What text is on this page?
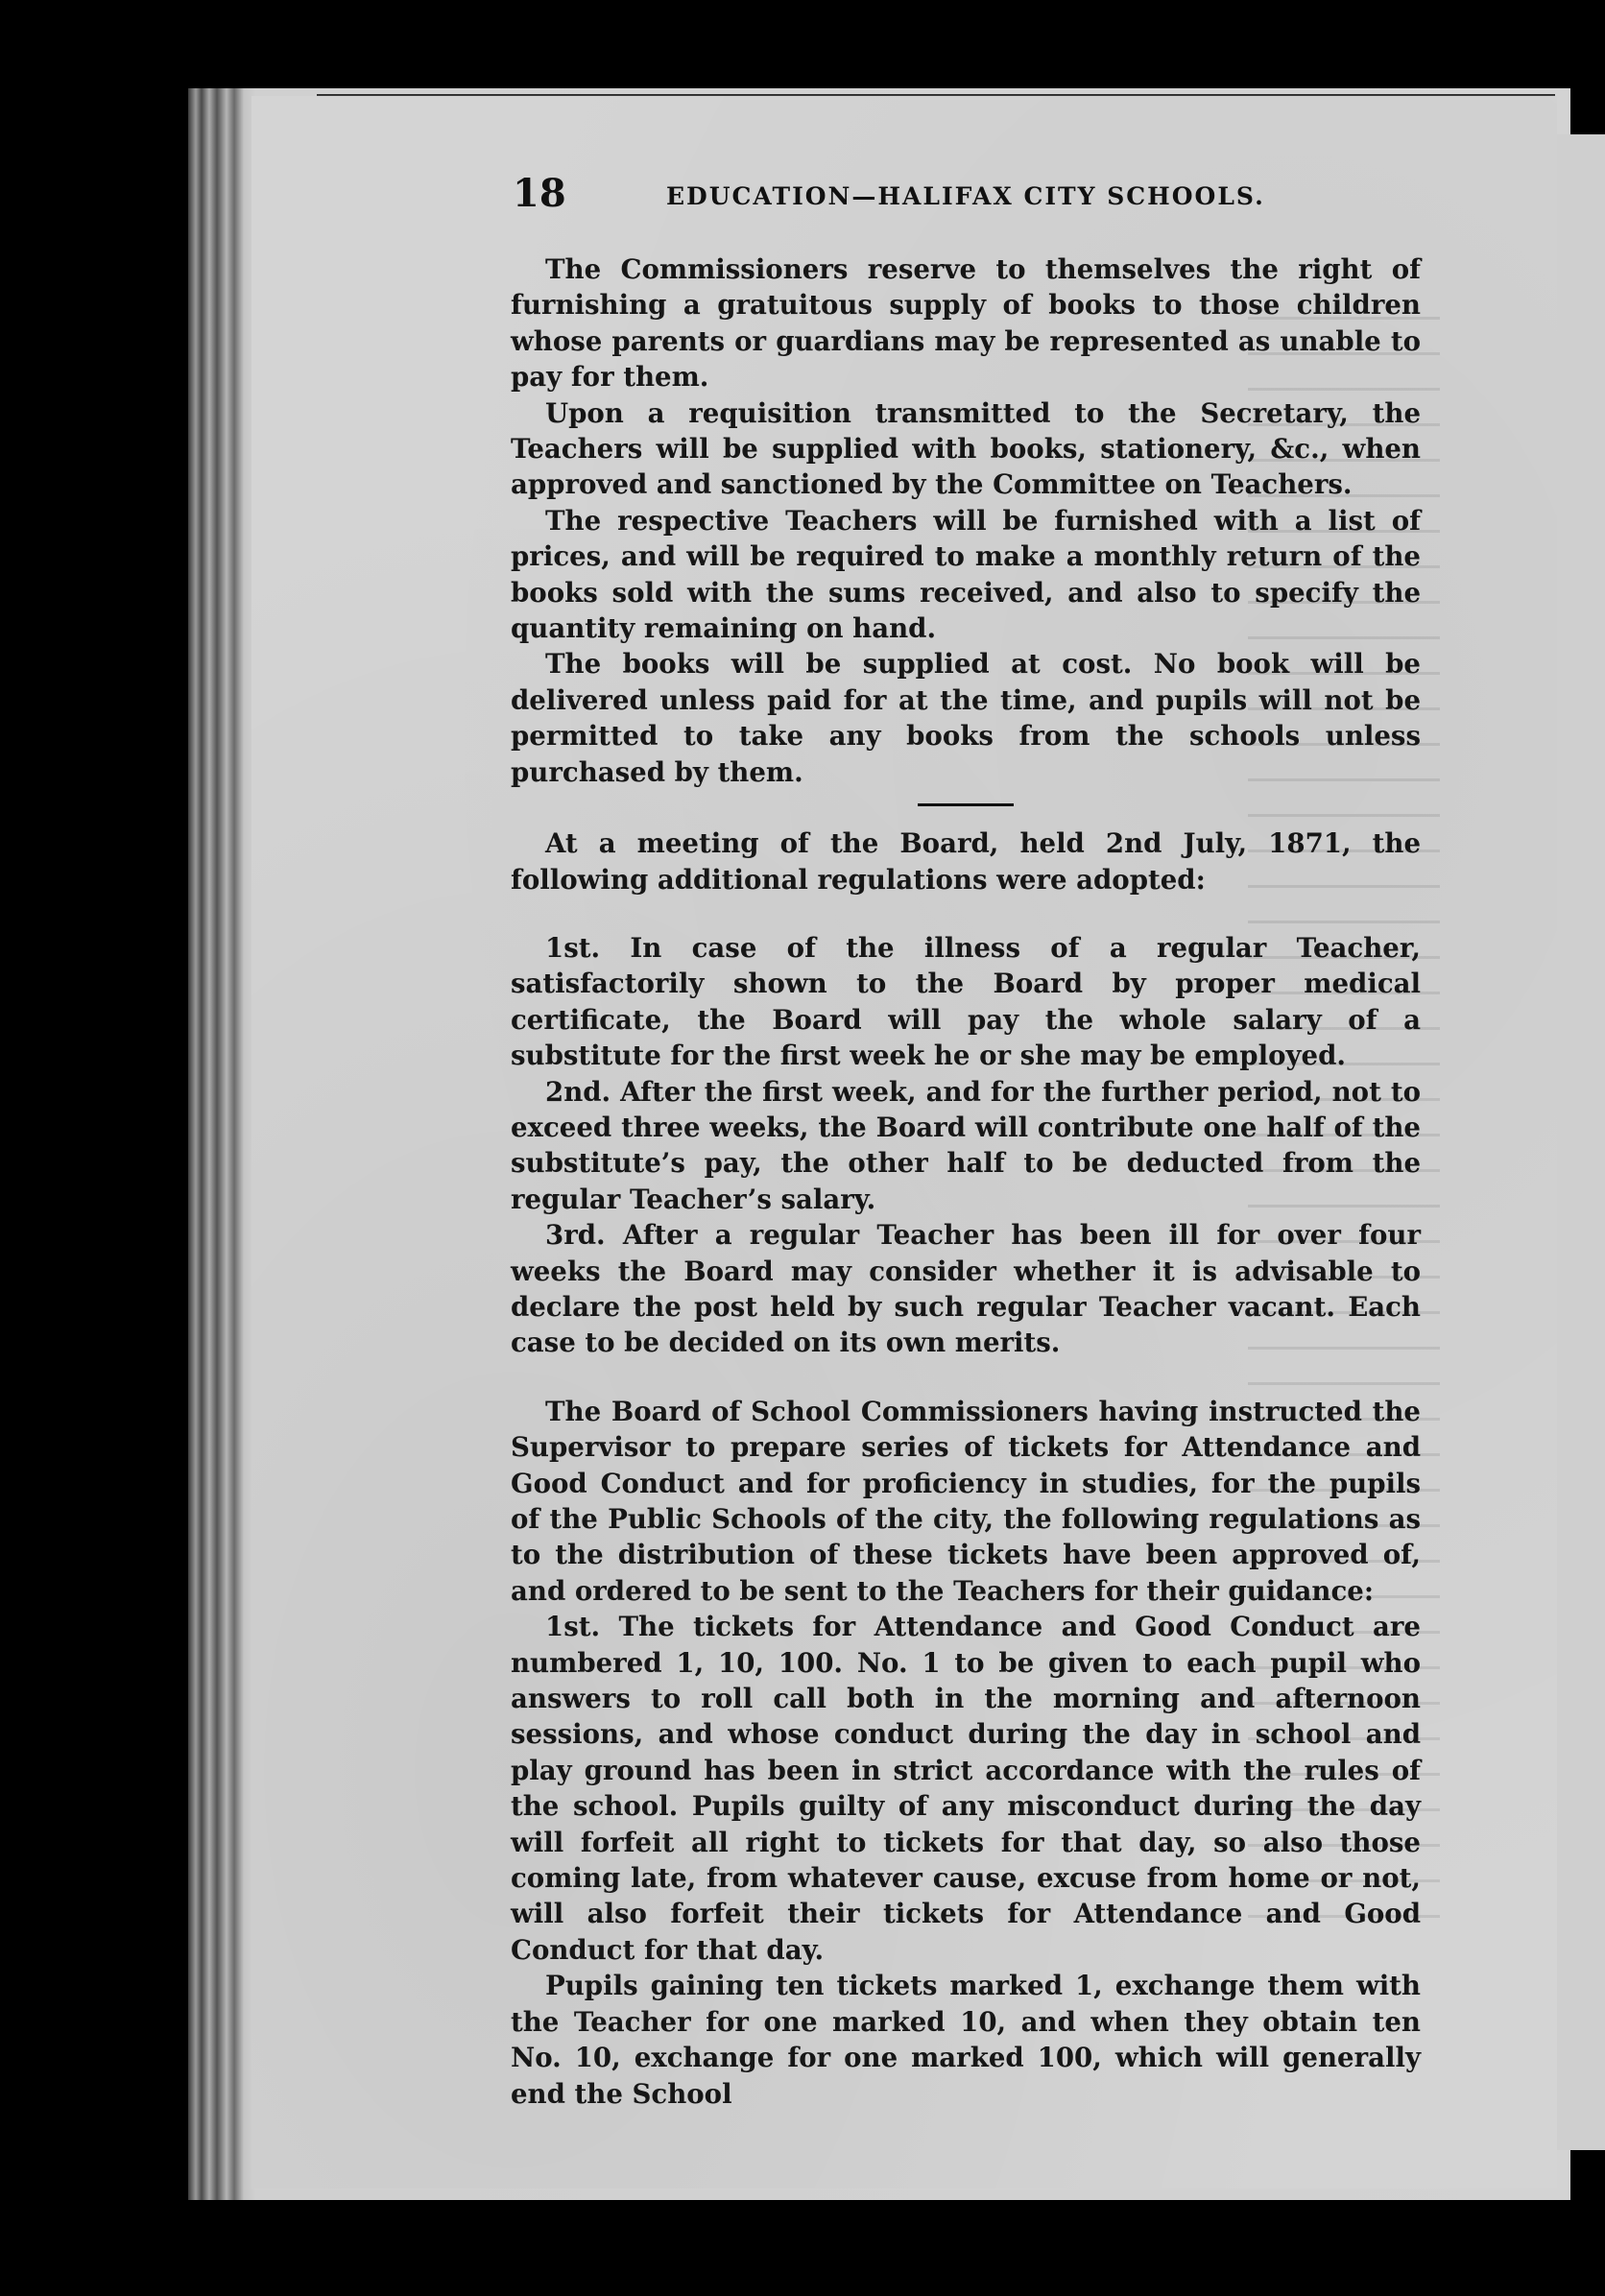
18	EDUCATION—HALIFAX CITY SCHOOLS.

The Commissioners reserve to themselves the right of furnishing a gratuitous supply of books to those children whose parents or guardians may be represented as unable to pay for them.

Upon a requisition transmitted to the Secretary, the Teachers will be supplied with books, stationery, &c., when approved and sanctioned by the Committee on Teachers.

The respective Teachers will be furnished with a list of prices, and will be required to make a monthly return of the books sold with the sums received, and also to specify the quantity remaining on hand.

The books will be supplied at cost. No book will be delivered unless paid for at the time, and pupils will not be permitted to take any books from the schools unless purchased by them.

At a meeting of the Board, held 2nd July, 1871, the following additional regulations were adopted:

1st. In case of the illness of a regular Teacher, satisfactorily shown to the Board by proper medical certificate, the Board will pay the whole salary of a substitute for the first week he or she may be employed.

2nd. After the first week, and for the further period, not to exceed three weeks, the Board will contribute one half of the substitute’s pay, the other half to be deducted from the regular Teacher’s salary.

3rd. After a regular Teacher has been ill for over four weeks the Board may consider whether it is advisable to declare the post held by such regular Teacher vacant. Each case to be decided on its own merits.

The Board of School Commissioners having instructed the Supervisor to prepare series of tickets for Attendance and Good Conduct and for proficiency in studies, for the pupils of the Public Schools of the city, the following regulations as to the distribution of these tickets have been approved of, and ordered to be sent to the Teachers for their guidance:

1st. The tickets for Attendance and Good Conduct are numbered 1, 10, 100. No. 1 to be given to each pupil who answers to roll call both in the morning and afternoon sessions, and whose conduct during the day in school and play ground has been in strict accordance with the rules of the school. Pupils guilty of any misconduct during the day will forfeit all right to tickets for that day, so also those coming late, from whatever cause, excuse from home or not, will also forfeit their tickets for Attendance and Good Conduct for that day.

Pupils gaining ten tickets marked 1, exchange them with the Teacher for one marked 10, and when they obtain ten No. 10, exchange for one marked 100, which will generally end the School
